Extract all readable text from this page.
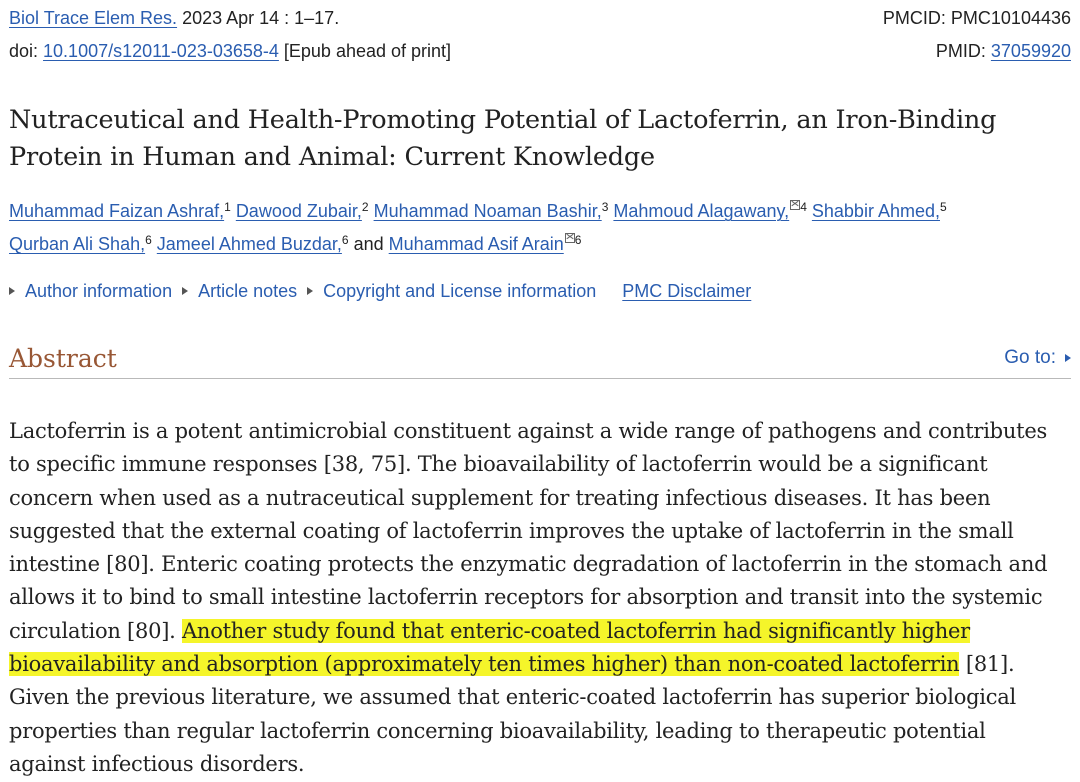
Biol Trace Elem Res. 2023 Apr 14 : 1–17.	PMCID: PMC10104436
doi: 10.1007/s12011-023-03658-4 [Epub ahead of print]	PMID: 37059920
Nutraceutical and Health-Promoting Potential of Lactoferrin, an Iron-Binding Protein in Human and Animal: Current Knowledge
Muhammad Faizan Ashraf,$^1$ Dawood Zubair,$^2$ Muhammad Noaman Bashir,$^3$ Mahmoud Alagawany, $^4$ Shabbir Ahmed,$^5$
Qurban Ali Shah,$^6$ Jameel Ahmed Buzdar,$^6$ and Muhammad Asif Arain $^6$
Author information Article notes Copyright and License information PMC Disclaimer
Abstract	Go to:
Lactoferrin is a potent antimicrobial constituent against a wide range of pathogens and contributes to specific immune responses [38, 75]. The bioavailability of lactoferrin would be a significant concern when used as a nutraceutical supplement for treating infectious diseases. It has been suggested that the external coating of lactoferrin improves the uptake of lactoferrin in the small intestine [80]. Enteric coating protects the enzymatic degradation of lactoferrin in the stomach and allows it to bind to small intestine lactoferrin receptors for absorption and transit into the systemic circulation [80]. Another study found that enteric-coated lactoferrin had significantly higher bioavailability and absorption (approximately ten times higher) than non-coated lactoferrin [81]. Given the previous literature, we assumed that enteric-coated lactoferrin has superior biological properties than regular lactoferrin concerning bioavailability, leading to therapeutic potential against infectious disorders.
